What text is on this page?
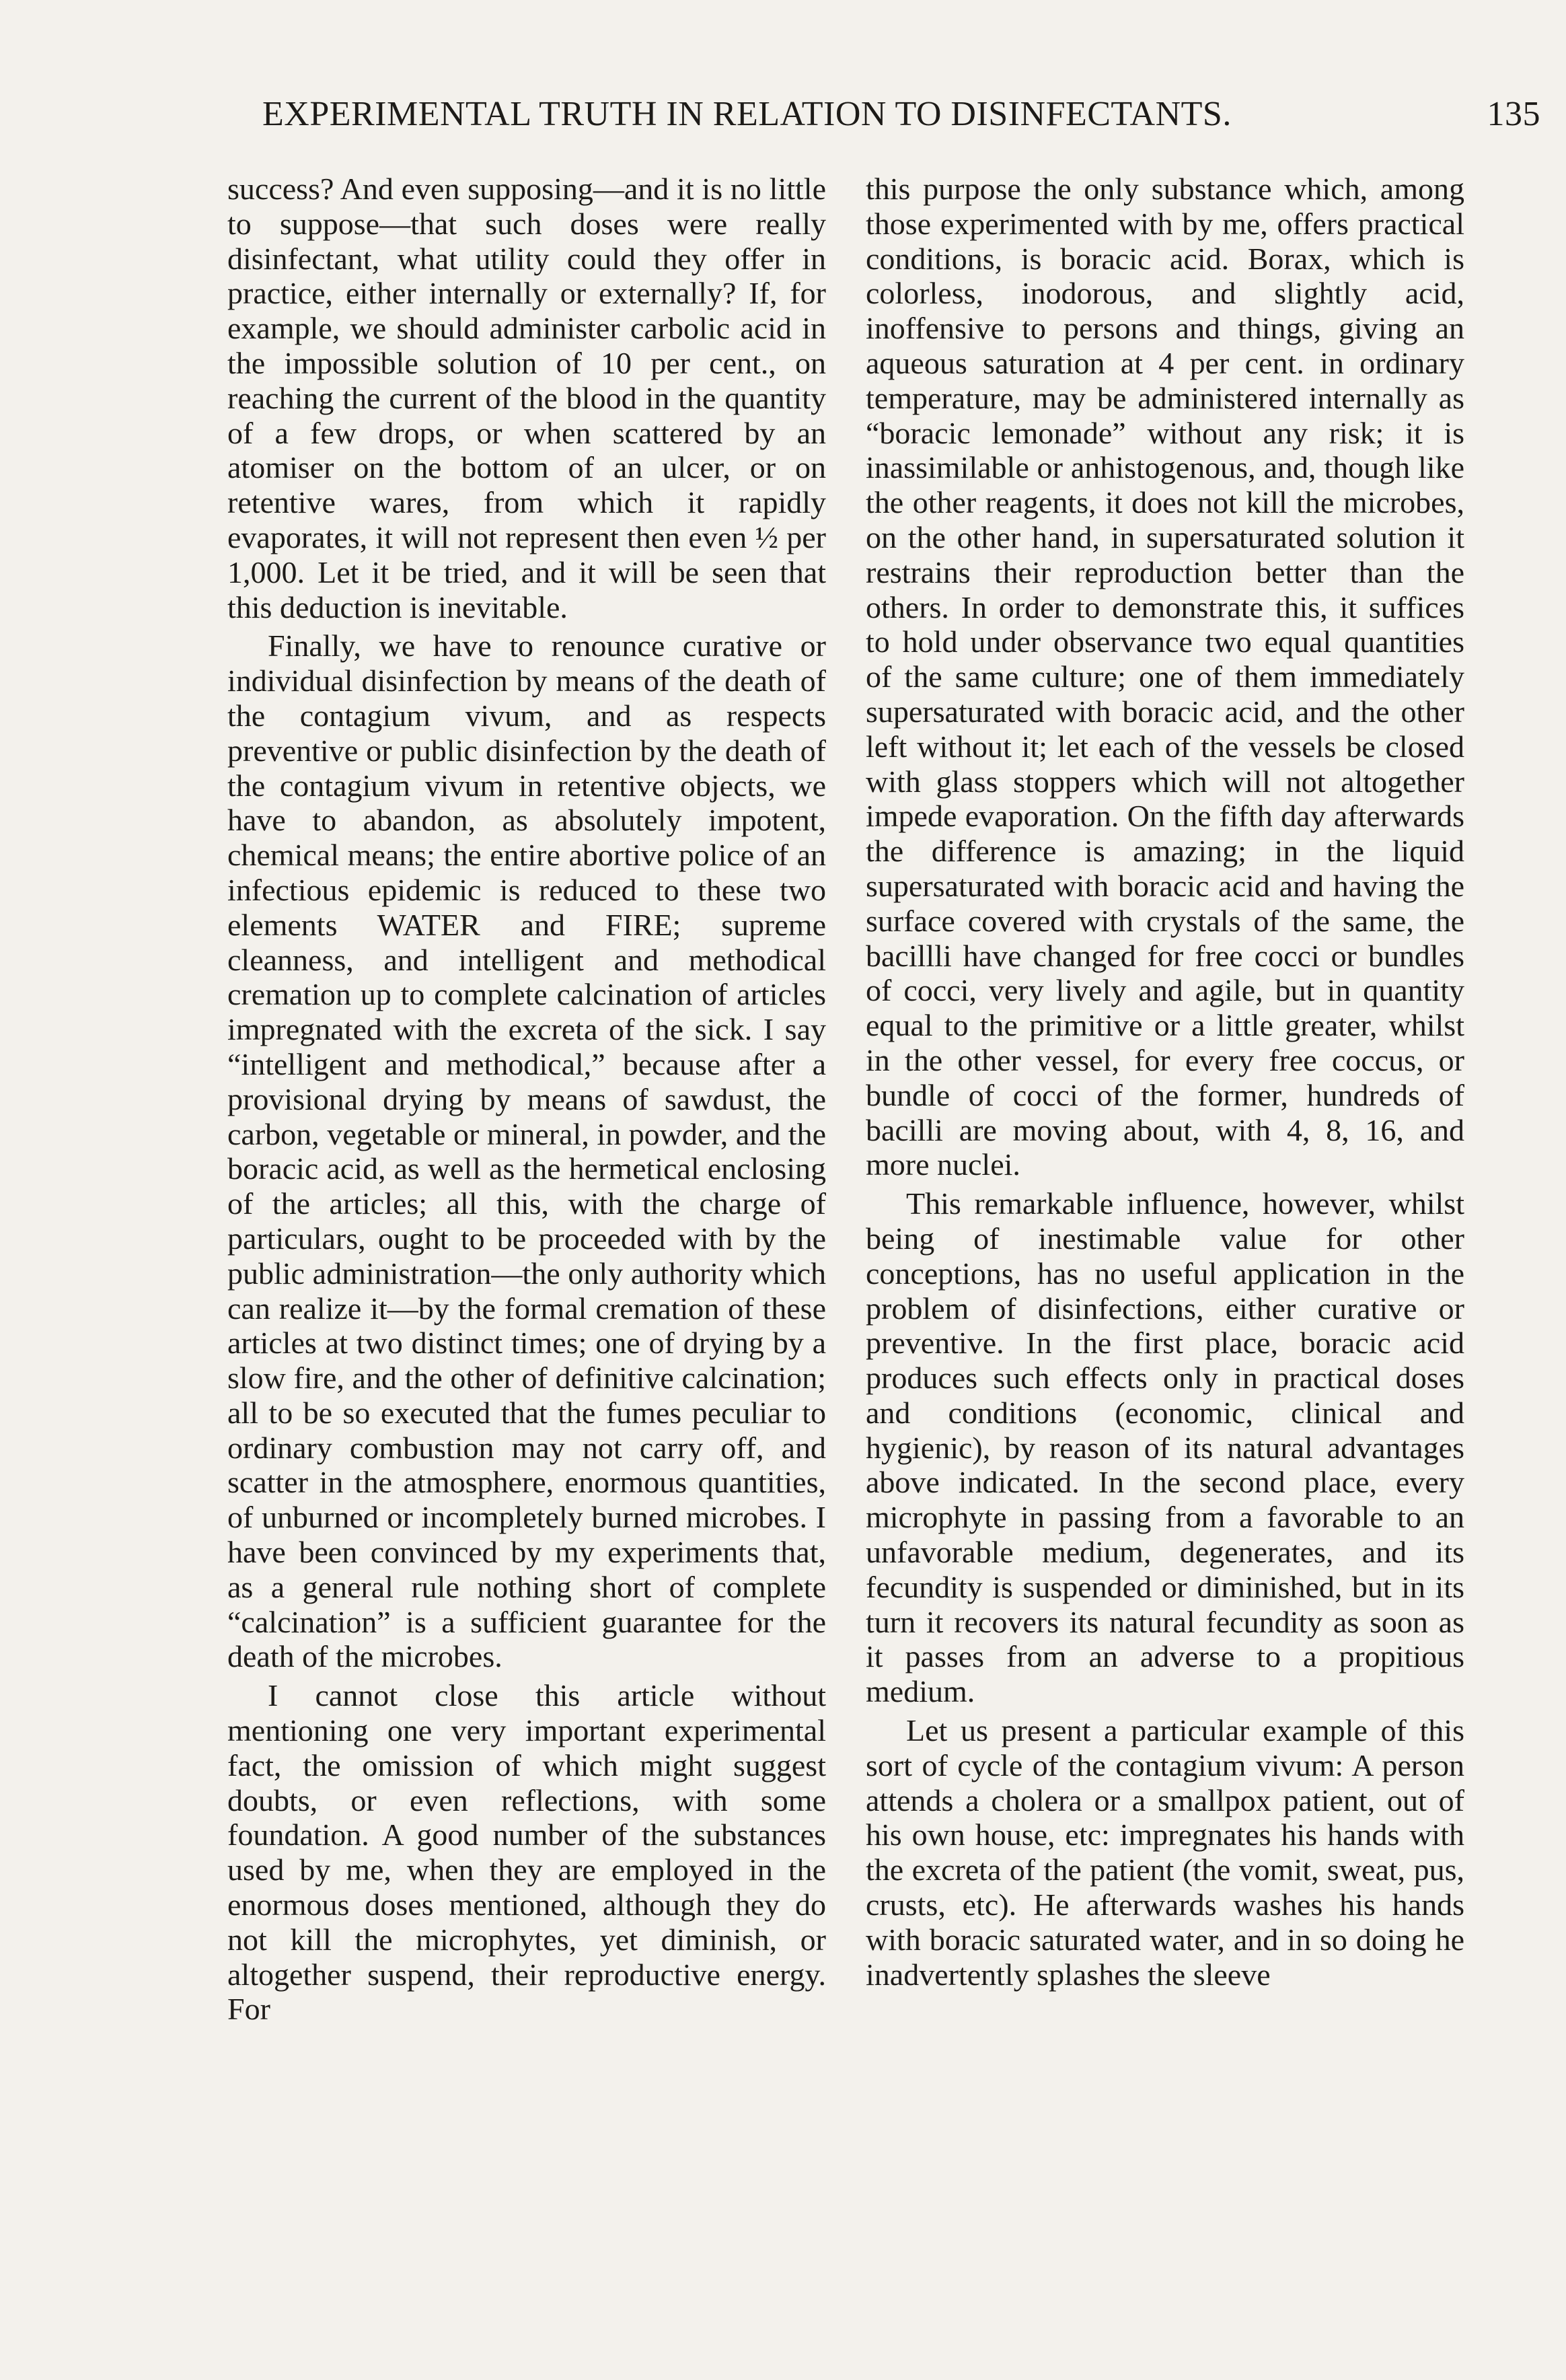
EXPERIMENTAL TRUTH IN RELATION TO DISINFECTANTS.	135

success? And even supposing—and it is no little to suppose—that such doses were really disinfectant, what utility could they offer in practice, either internally or externally? If, for example, we should administer carbolic acid in the impossible solution of 10 per cent., on reaching the current of the blood in the quantity of a few drops, or when scattered by an atomiser on the bottom of an ulcer, or on retentive wares, from which it rapidly evaporates, it will not represent then even ½ per 1,000. Let it be tried, and it will be seen that this deduction is inevitable.

Finally, we have to renounce curative or individual disinfection by means of the death of the contagium vivum, and as respects preventive or public disinfection by the death of the contagium vivum in retentive objects, we have to abandon, as absolutely impotent, chemical means; the entire abortive police of an infectious epidemic is reduced to these two elements WATER and FIRE; supreme cleanness, and intelligent and methodical cremation up to complete calcination of articles impregnated with the excreta of the sick. I say “intelligent and methodical,” because after a provisional drying by means of sawdust, the carbon, vegetable or mineral, in powder, and the boracic acid, as well as the hermetical enclosing of the articles; all this, with the charge of particulars, ought to be proceeded with by the public administration—the only authority which can realize it—by the formal cremation of these articles at two distinct times; one of drying by a slow fire, and the other of definitive calcination; all to be so executed that the fumes peculiar to ordinary combustion may not carry off, and scatter in the atmosphere, enormous quantities, of unburned or incompletely burned microbes. I have been convinced by my experiments that, as a general rule nothing short of complete “calcination” is a sufficient guarantee for the death of the microbes.

I cannot close this article without mentioning one very important experimental fact, the omission of which might suggest doubts, or even reflections, with some foundation. A good number of the substances used by me, when they are employed in the enormous doses mentioned, although they do not kill the microphytes, yet diminish, or altogether suspend, their reproductive energy. For

this purpose the only substance which, among those experimented with by me, offers practical conditions, is boracic acid. Borax, which is colorless, inodorous, and slightly acid, inoffensive to persons and things, giving an aqueous saturation at 4 per cent. in ordinary temperature, may be administered internally as “boracic lemonade” without any risk; it is inassimilable or anhistogenous, and, though like the other reagents, it does not kill the microbes, on the other hand, in supersaturated solution it restrains their reproduction better than the others. In order to demonstrate this, it suffices to hold under observance two equal quantities of the same culture; one of them immediately supersaturated with boracic acid, and the other left without it; let each of the vessels be closed with glass stoppers which will not altogether impede evaporation. On the fifth day afterwards the difference is amazing; in the liquid supersaturated with boracic acid and having the surface covered with crystals of the same, the bacillli have changed for free cocci or bundles of cocci, very lively and agile, but in quantity equal to the primitive or a little greater, whilst in the other vessel, for every free coccus, or bundle of cocci of the former, hundreds of bacilli are moving about, with 4, 8, 16, and more nuclei.

This remarkable influence, however, whilst being of inestimable value for other conceptions, has no useful application in the problem of disinfections, either curative or preventive. In the first place, boracic acid produces such effects only in practical doses and conditions (economic, clinical and hygienic), by reason of its natural advantages above indicated. In the second place, every microphyte in passing from a favorable to an unfavorable medium, degenerates, and its fecundity is suspended or diminished, but in its turn it recovers its natural fecundity as soon as it passes from an adverse to a propitious medium.

Let us present a particular example of this sort of cycle of the contagium vivum: A person attends a cholera or a smallpox patient, out of his own house, etc: impregnates his hands with the excreta of the patient (the vomit, sweat, pus, crusts, etc). He afterwards washes his hands with boracic saturated water, and in so doing he inadvertently splashes the sleeve
